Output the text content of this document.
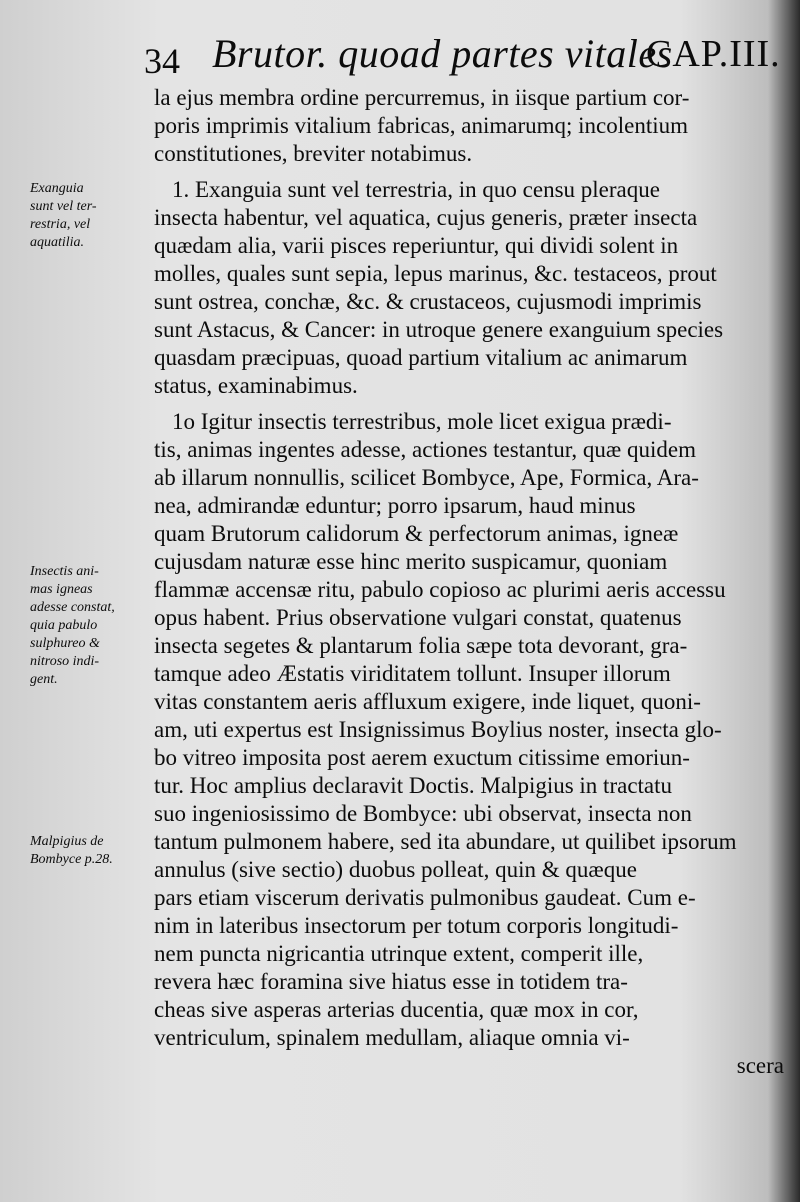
34 Brutor. quoad partes vitales
CAP.III.
Exanguia
sunt vel ter-
restria, vel
aquatilia.
Insectis ani-
mas igneas
adesse constat,
quia pabulo
sulphureo &
nitroso indi-
gent.
Malpigius de
Bombyce p.28.
la ejus membra ordine percurremus, in iisque partium cor-
poris imprimis vitalium fabricas, animarumq; incolentium
constitutiones, breviter notabimus.
1. Exanguia sunt vel terrestria, in quo censu pleraque
insecta habentur, vel aquatica, cujus generis, præter insecta
quædam alia, varii pisces reperiuntur, qui dividi solent in
molles, quales sunt sepia, lepus marinus, &c. testaceos, prout
sunt ostrea, conchæ, &c. & crustaceos, cujusmodi imprimis
sunt Astacus, & Cancer: in utroque genere exanguium species
quasdam præcipuas, quoad partium vitalium ac animarum
status, examinabimus.
1o Igitur insectis terrestribus, mole licet exigua prædi-
tis, animas ingentes adesse, actiones testantur, quæ quidem
ab illarum nonnullis, scilicet Bombyce, Ape, Formica, Ara-
nea, admirandæ eduntur; porro ipsarum, haud minus
quam Brutorum calidorum & perfectorum animas, igneæ
cujusdam naturæ esse hinc merito suspicamur, quoniam
flammæ accensæ ritu, pabulo copioso ac plurimi aeris accessu
opus habent. Prius observatione vulgari constat, quatenus
insecta segetes & plantarum folia sæpe tota devorant, gra-
tamque adeo Æstatis viriditatem tollunt. Insuper illorum
vitas constantem aeris affluxum exigere, inde liquet, quoni-
am, uti expertus est Insignissimus Boylius noster, insecta glo-
bo vitreo imposita post aerem exuctum citissime emoriun-
tur. Hoc amplius declaravit Doctis. Malpigius in tractatu
suo ingeniosissimo de Bombyce: ubi observat, insecta non
tantum pulmonem habere, sed ita abundare, ut quilibet ipsorum
annulus (sive sectio) duobus polleat, quin & quæque
pars etiam viscerum derivatis pulmonibus gaudeat. Cum e-
nim in lateribus insectorum per totum corporis longitudi-
nem puncta nigricantia utrinque extent, comperit ille,
revera hæc foramina sive hiatus esse in totidem tra-
cheas sive asperas arterias ducentia, quæ mox in cor,
ventriculum, spinalem medullam, aliaque omnia vi-
scera
